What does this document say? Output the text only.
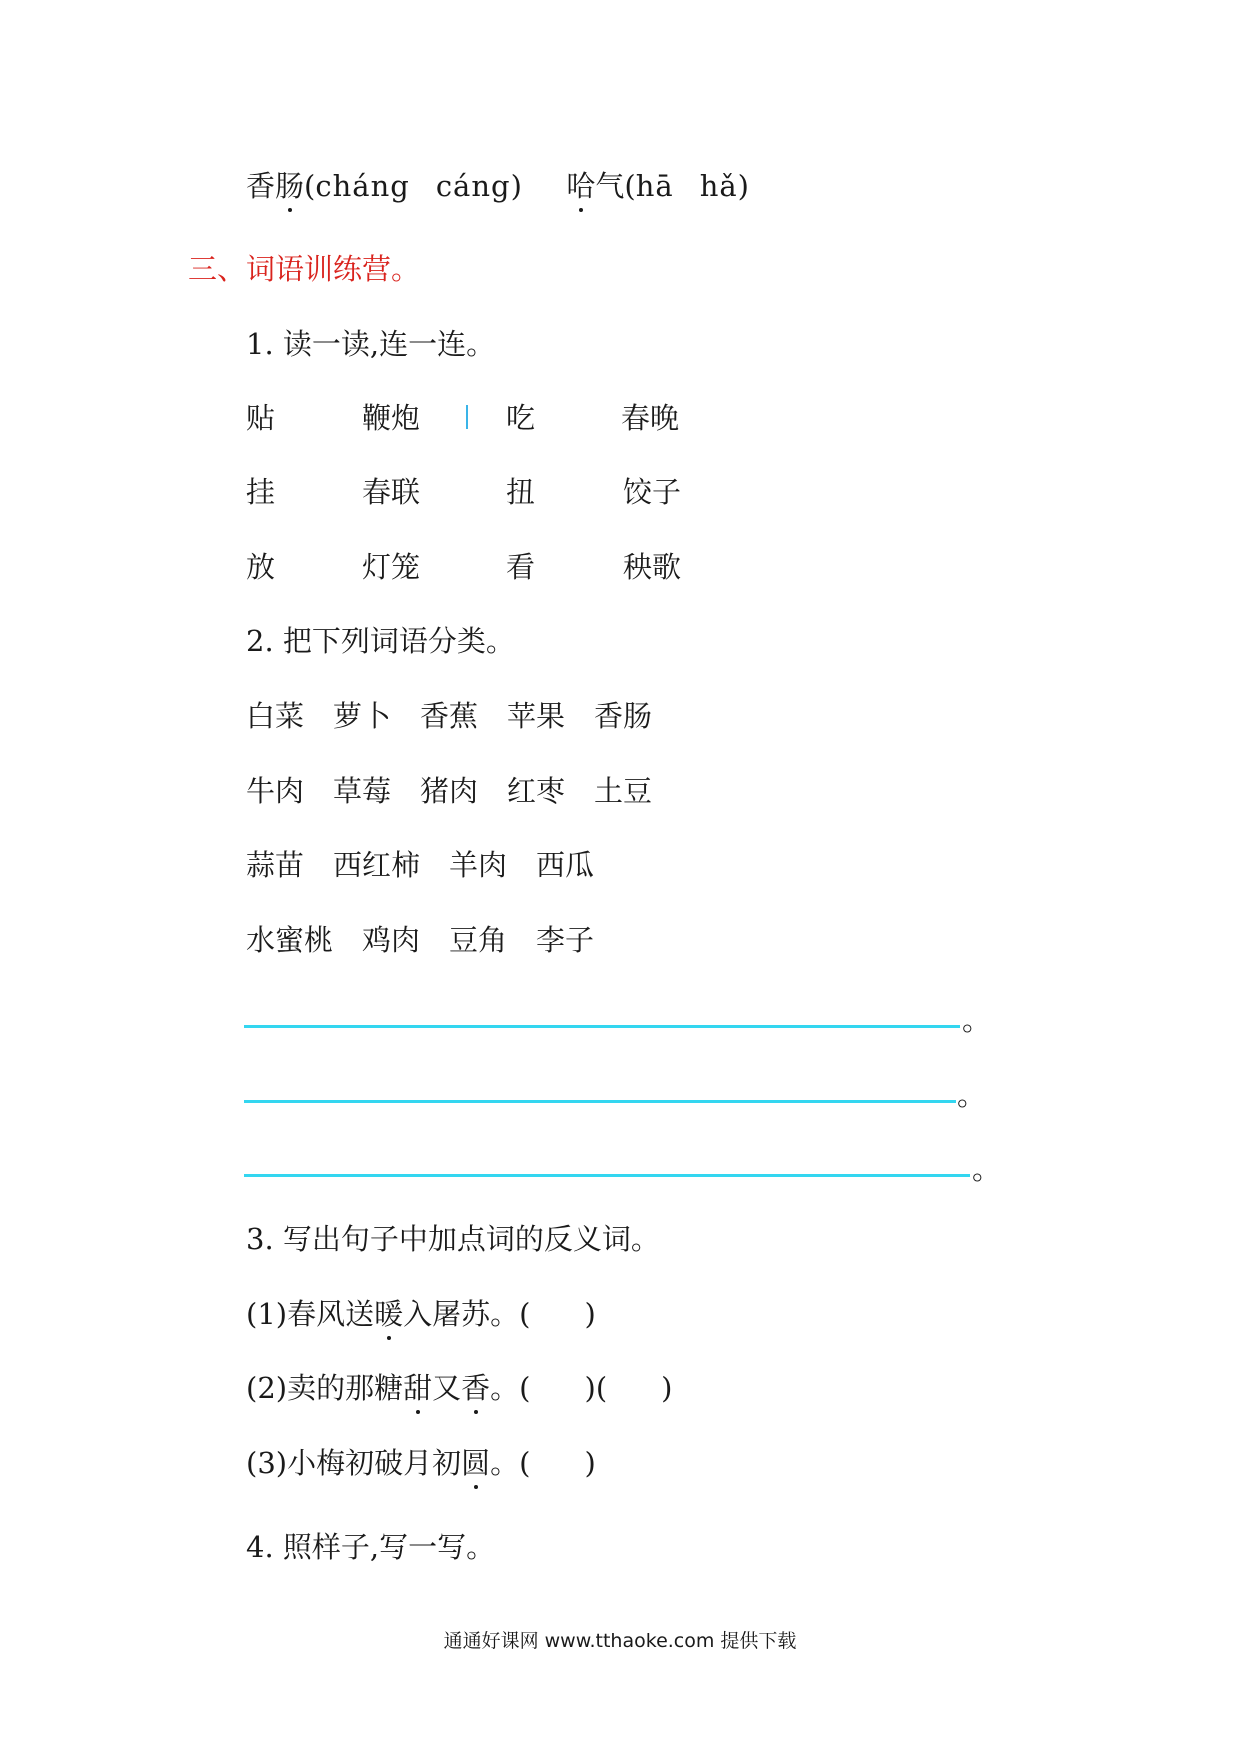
香肠(cháng cáng) 哈气(hā hǎ)
三、词语训练营。
1. 读一读,连一连。
贴	鞭炮	吃	春晚
挂	春联	扭	饺子
放	灯笼	看	秧歌
2. 把下列词语分类。
白菜 萝卜 香蕉 苹果 香肠
牛肉 草莓 猪肉 红枣 土豆
蒜苗 西红柿 羊肉 西瓜
水蜜桃 鸡肉 豆角 李子
。
。
。
3. 写出句子中加点词的反义词。
(1)春风送暖入屠苏。( )
(2)卖的那糖甜又香。( )( )
(3)小梅初破月初圆。( )
4. 照样子,写一写。
通通好课网 www.tthaoke.com 提供下载
